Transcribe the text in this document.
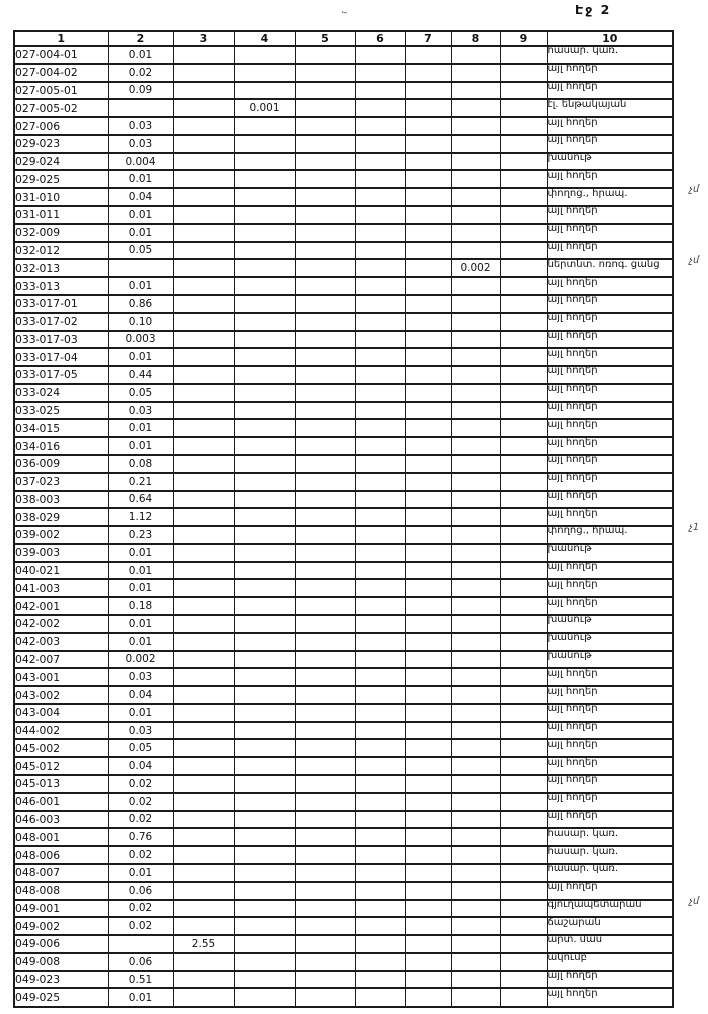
Էջ 2
·–
1	2	3	4	5	6	7	8	9	10
027-004-01	0.01								հասար. կառ.
027-004-02	0.02								այլ հողեր
027-005-01	0.09								այլ հողեր
027-005-02			0.001						էլ. ենթակայան
027-006	0.03								այլ հողեր
029-023	0.03								այլ հողեր
029-024	0.004								խանութ
029-025	0.01								այլ հողեր
031-010	0.04								փողոց., հրապ. չմ

031-011	0.01								այլ հողեր
032-009	0.01								այլ հողեր
032-012	0.05								այլ հողեր
032-013							0.002		ներտնտ. ոռոգ. ցանց չմ

033-013	0.01								այլ հողեր
033-017-01	0.86								այլ հողեր
033-017-02	0.10								այլ հողեր
033-017-03	0.003								այլ հողեր
033-017-04	0.01								այլ հողեր
033-017-05	0.44								այլ հողեր
033-024	0.05								այլ հողեր
033-025	0.03								այլ հողեր
034-015	0.01								այլ հողեր
034-016	0.01								այլ հողեր
036-009	0.08								այլ հողեր
037-023	0.21								այլ հողեր
038-003	0.64								այլ հողեր
038-029	1.12								այլ հողեր
039-002	0.23								փողոց., հրապ. չ1

039-003	0.01								խանութ
040-021	0.01								այլ հողեր
041-003	0.01								այլ հողեր
042-001	0.18								այլ հողեր
042-002	0.01								խանութ
042-003	0.01								խանութ
042-007	0.002								խանութ
043-001	0.03								այլ հողեր
043-002	0.04								այլ հողեր
043-004	0.01								այլ հողեր
044-002	0.03								այլ հողեր
045-002	0.05								այլ հողեր
045-012	0.04								այլ հողեր
045-013	0.02								այլ հողեր
046-001	0.02								այլ հողեր
046-003	0.02								այլ հողեր
048-001	0.76								հասար. կառ.
048-006	0.02								հասար. կառ.
048-007	0.01								հասար. կառ.
048-008	0.06								այլ հողեր
049-001	0.02								գյուղապետարան չմ

049-002	0.02								ճաշարան
049-006		2.55							արտ. մաս
049-008	0.06								ակումբ
049-023	0.51								այլ հողեր
049-025	0.01								այլ հողեր
